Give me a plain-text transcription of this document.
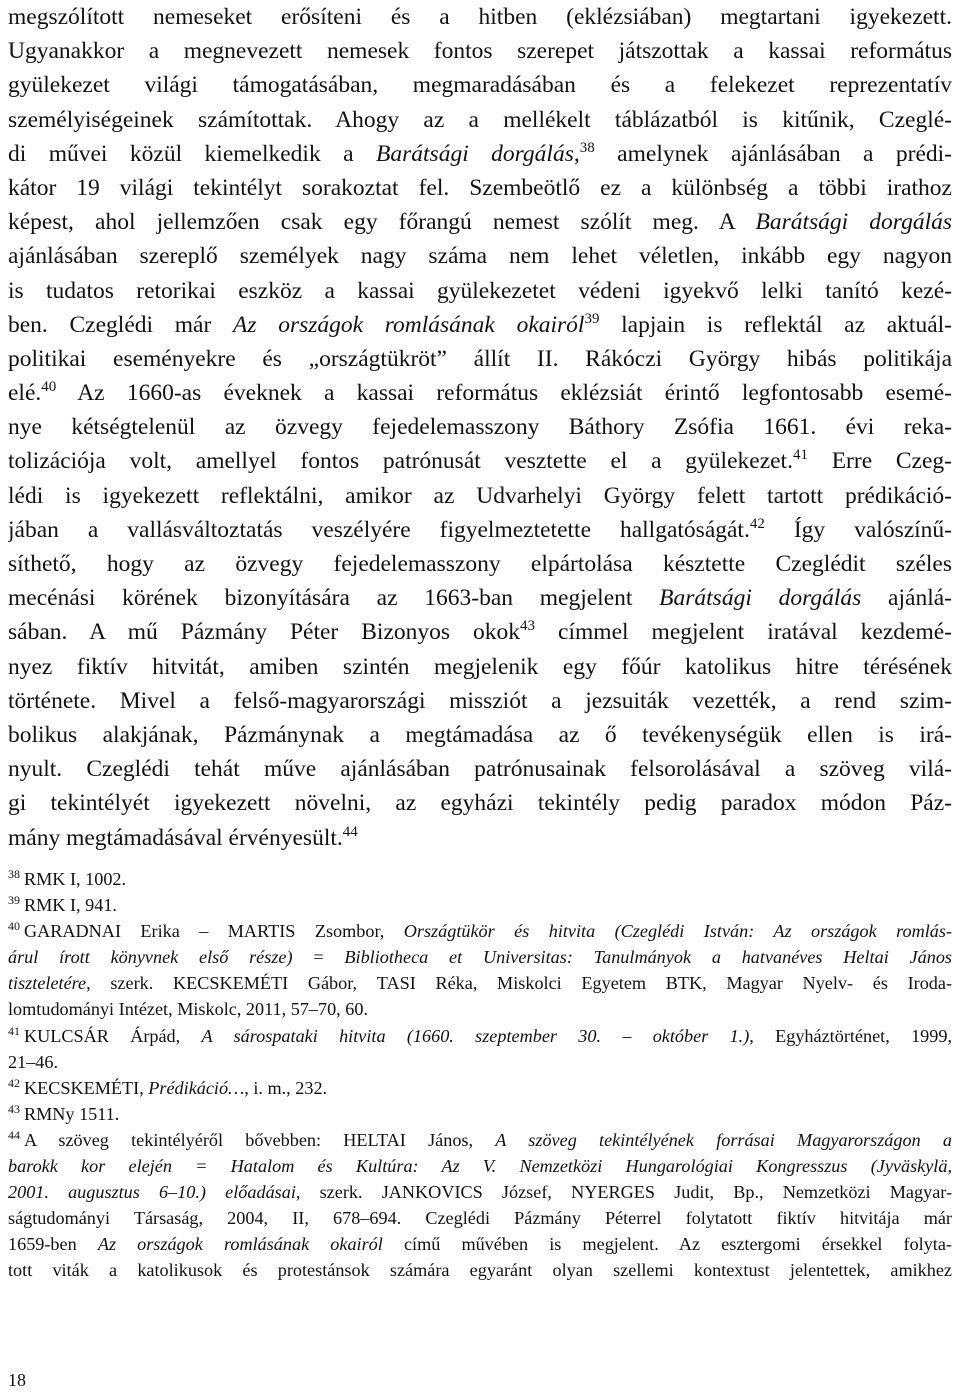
megszólított nemeseket erősíteni és a hitben (eklézsiában) megtartani igyekezett.
Ugyanakkor a megnevezett nemesek fontos szerepet játszottak a kassai református
gyülekezet világi támogatásában, megmaradásában és a felekezet reprezentatív
személyiségeinek számítottak. Ahogy az a mellékelt táblázatból is kitűnik, Czeglé-
di művei közül kiemelkedik a Barátsági dorgálás,$^{38}$ amelynek ajánlásában a prédi-
kátor 19 világi tekintélyt sorakoztat fel. Szembeötlő ez a különbség a többi irathoz
képest, ahol jellemzően csak egy főrangú nemest szólít meg. A Barátsági dorgálás
ajánlásában szereplő személyek nagy száma nem lehet véletlen, inkább egy nagyon
is tudatos retorikai eszköz a kassai gyülekezetet védeni igyekvő lelki tanító kezé-
ben. Czeglédi már Az országok romlásának okairól$^{39}$ lapjain is reflektál az aktuál-
politikai eseményekre és „országtükröt” állít II. Rákóczi György hibás politikája
elé.$^{40}$ Az 1660-as éveknek a kassai református eklézsiát érintő legfontosabb esemé-
nye kétségtelenül az özvegy fejedelemasszony Báthory Zsófia 1661. évi reka-
tolizációja volt, amellyel fontos patrónusát vesztette el a gyülekezet.$^{41}$ Erre Czeg-
lédi is igyekezett reflektálni, amikor az Udvarhelyi György felett tartott prédikáció-
jában a vallásváltoztatás veszélyére figyelmeztetette hallgatóságát.$^{42}$ Így valószínű-
síthető, hogy az özvegy fejedelemasszony elpártolása késztette Czeglédit széles
mecénási körének bizonyítására az 1663-ban megjelent Barátsági dorgálás ajánlá-
sában. A mű Pázmány Péter Bizonyos okok$^{43}$ címmel megjelent iratával kezdemé-
nyez fiktív hitvitát, amiben szintén megjelenik egy főúr katolikus hitre térésének
története. Mivel a felső-magyarországi missziót a jezsuiták vezették, a rend szim-
bolikus alakjának, Pázmánynak a megtámadása az ő tevékenységük ellen is irá-
nyult. Czeglédi tehát műve ajánlásában patrónusainak felsorolásával a szöveg vilá-
gi tekintélyét igyekezett növelni, az egyházi tekintély pedig paradox módon Páz-
mány megtámadásával érvényesült.$^{44}$

$^{38}$ RMK I, 1002.
$^{39}$ RMK I, 941.
$^{40}$ GARADNAI Erika – MARTIS Zsombor, Országtükör és hitvita (Czeglédi István: Az országok romlás-
árul írott könyvnek első része) = Bibliotheca et Universitas: Tanulmányok a hatvanéves Heltai János
tiszteletére, szerk. KECSKEMÉTI Gábor, TASI Réka, Miskolci Egyetem BTK, Magyar Nyelv- és Iroda-
lomtudományi Intézet, Miskolc, 2011, 57–70, 60.
$^{41}$ KULCSÁR Árpád, A sárospataki hitvita (1660. szeptember 30. – október 1.), Egyháztörténet, 1999,
21–46.
$^{42}$ KECSKEMÉTI, Prédikáció…, i. m., 232.
$^{43}$ RMNy 1511.
$^{44}$ A szöveg tekintélyéről bővebben: HELTAI János, A szöveg tekintélyének forrásai Magyarországon a
barokk kor elején = Hatalom és Kultúra: Az V. Nemzetközi Hungarológiai Kongresszus (Jyväskylä,
2001. augusztus 6–10.) előadásai, szerk. JANKOVICS József, NYERGES Judit, Bp., Nemzetközi Magyar-
ságtudományi Társaság, 2004, II, 678–694. Czeglédi Pázmány Péterrel folytatott fiktív hitvitája már
1659-ben Az országok romlásának okairól című művében is megjelent. Az esztergomi érsekkel folyta-
tott viták a katolikusok és protestánsok számára egyaránt olyan szellemi kontextust jelentettek, amikhez
18
